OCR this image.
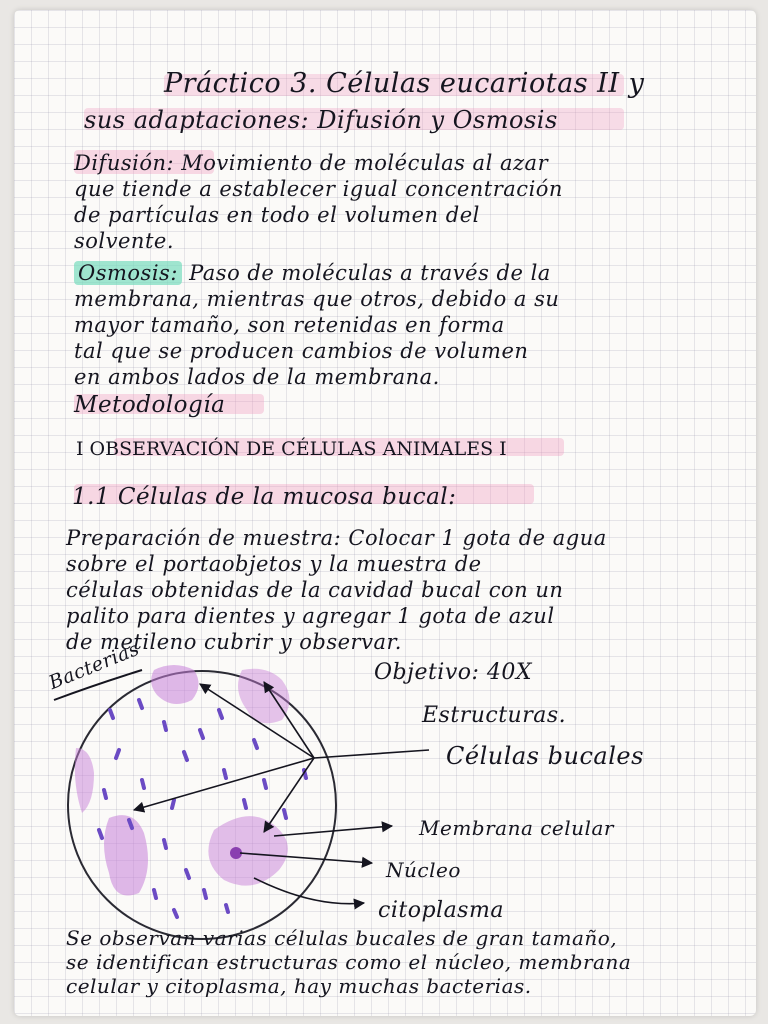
Práctico 3. Células eucariotas II y
sus adaptaciones: Difusión y Osmosis
Difusión: Movimiento de moléculas al azar
que tiende a establecer igual concentración
de partículas en todo el volumen del
solvente.
Osmosis: Paso de moléculas a través de la
membrana, mientras que otros, debido a su
mayor tamaño, son retenidas en forma
tal que se producen cambios de volumen
en ambos lados de la membrana.
Metodología
I OBSERVACIÓN DE CÉLULAS ANIMALES I
1.1 Células de la mucosa bucal:
Preparación de muestra: Colocar 1 gota de agua
sobre el portaobjetos y la muestra de
células obtenidas de la cavidad bucal con un
palito para dientes y agregar 1 gota de azul
de metileno cubrir y observar.
Bacterias	Objetivo: 40X
Estructuras.
Células bucales
Membrana celular
Núcleo
citoplasma
Se observan varias células bucales de gran tamaño,
se identifican estructuras como el núcleo, membrana
celular y citoplasma, hay muchas bacterias.
